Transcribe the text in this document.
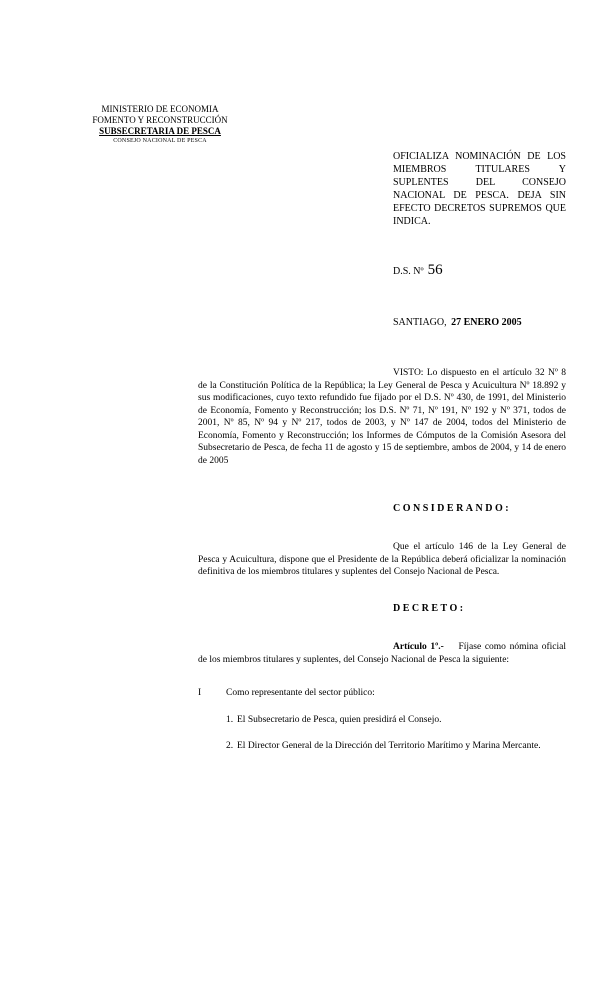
MINISTERIO DE ECONOMIA
FOMENTO Y RECONSTRUCCIÓN
SUBSECRETARIA DE PESCA
CONSEJO NACIONAL DE PESCA
OFICIALIZA NOMINACIÓN DE LOS MIEMBROS TITULARES Y SUPLENTES DEL CONSEJO NACIONAL DE PESCA. DEJA SIN EFECTO DECRETOS SUPREMOS QUE INDICA.
D.S. Nº 56
SANTIAGO, 27 ENERO 2005
VISTO: Lo dispuesto en el artículo 32 Nº 8 de la Constitución Política de la República; la Ley General de Pesca y Acuicultura Nº 18.892 y sus modificaciones, cuyo texto refundido fue fijado por el D.S. Nº 430, de 1991, del Ministerio de Economía, Fomento y Reconstrucción; los D.S. Nº 71, Nº 191, Nº 192 y Nº 371, todos de 2001, Nº 85, Nº 94 y Nº 217, todos de 2003, y Nº 147 de 2004, todos del Ministerio de Economía, Fomento y Reconstrucción; los Informes de Cómputos de la Comisión Asesora del Subsecretario de Pesca, de fecha 11 de agosto y 15 de septiembre, ambos de 2004, y 14 de enero de 2005
CONSIDERANDO:
Que el artículo 146 de la Ley General de Pesca y Acuicultura, dispone que el Presidente de la República deberá oficializar la nominación definitiva de los miembros titulares y suplentes del Consejo Nacional de Pesca.
DECRETO:
Artículo 1º.- Fíjase como nómina oficial de los miembros titulares y suplentes, del Consejo Nacional de Pesca la siguiente:
I	Como representante del sector público:
1. El Subsecretario de Pesca, quien presidirá el Consejo.
2. El Director General de la Dirección del Territorio Marítimo y Marina Mercante.
